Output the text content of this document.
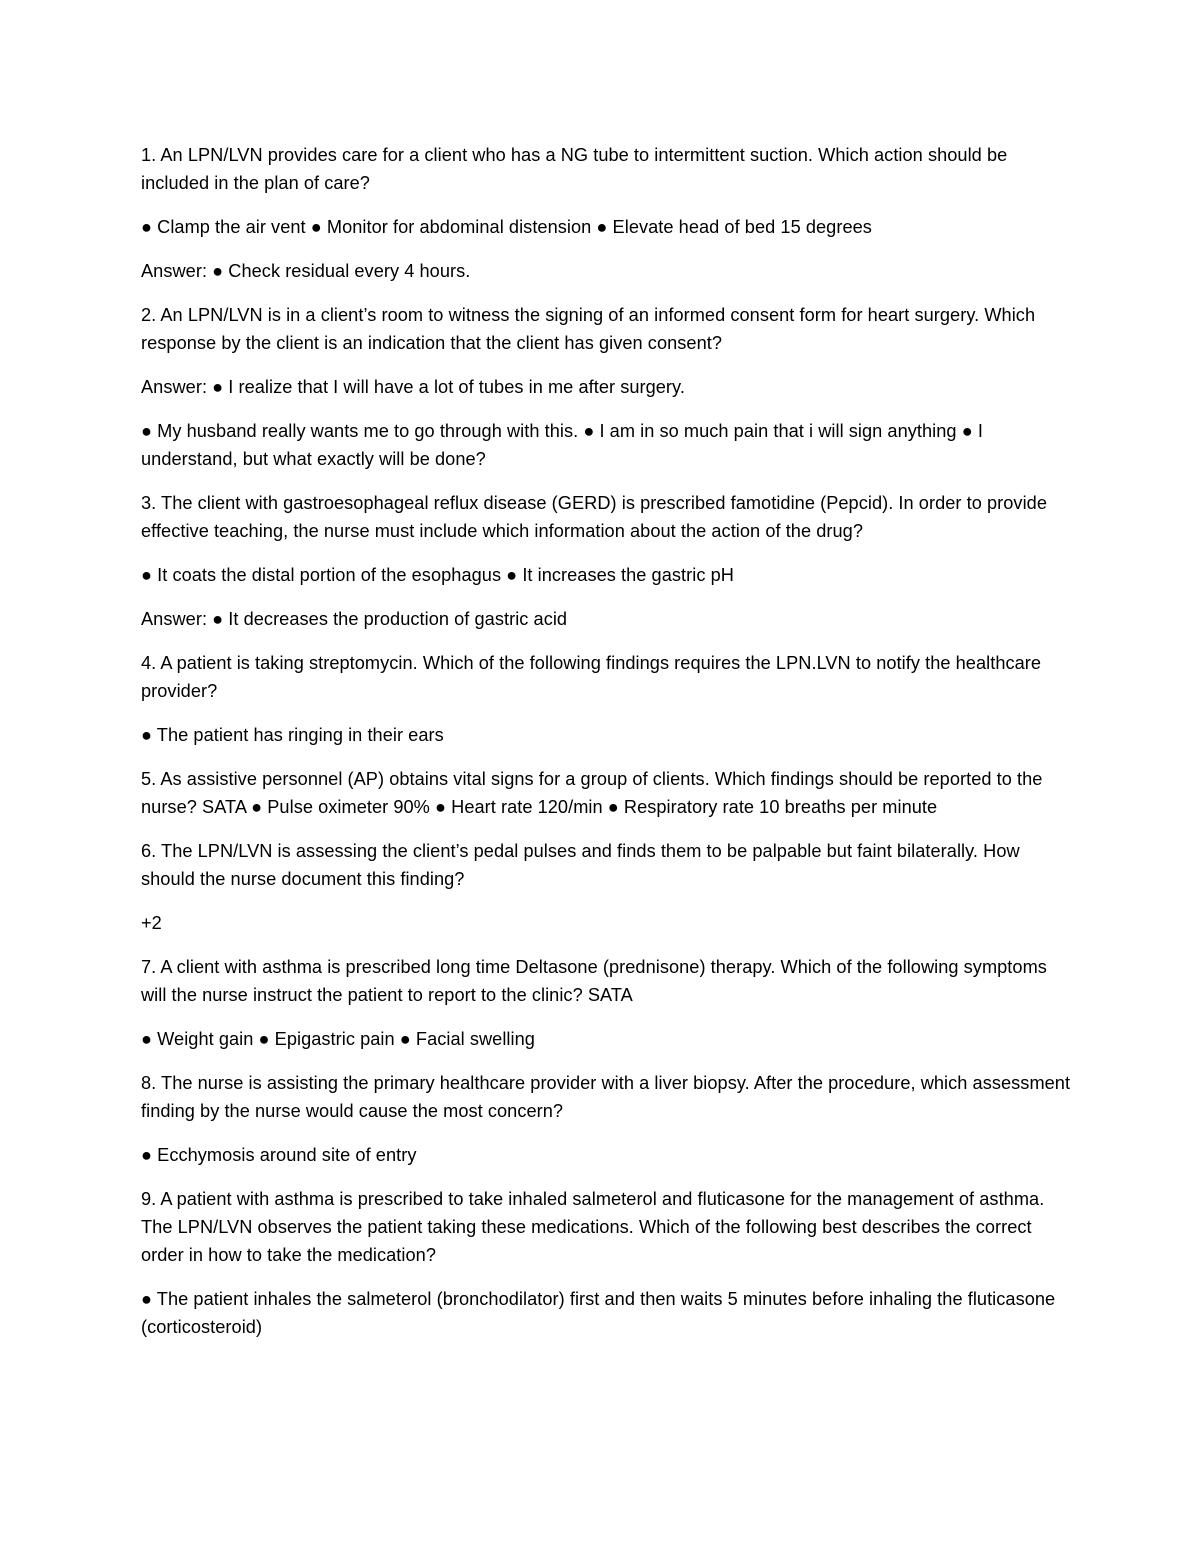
1. An LPN/LVN provides care for a client who has a NG tube to intermittent suction. Which action should be included in the plan of care?

● Clamp the air vent ● Monitor for abdominal distension ● Elevate head of bed 15 degrees

Answer: ● Check residual every 4 hours.

2. An LPN/LVN is in a client’s room to witness the signing of an informed consent form for heart surgery. Which response by the client is an indication that the client has given consent?

Answer: ● I realize that I will have a lot of tubes in me after surgery.

● My husband really wants me to go through with this. ● I am in so much pain that i will sign anything ● I understand, but what exactly will be done?

3. The client with gastroesophageal reflux disease (GERD) is prescribed famotidine (Pepcid). In order to provide effective teaching, the nurse must include which information about the action of the drug?

● It coats the distal portion of the esophagus ● It increases the gastric pH

Answer: ● It decreases the production of gastric acid

4. A patient is taking streptomycin. Which of the following findings requires the LPN.LVN to notify the healthcare provider?

● The patient has ringing in their ears

5. As assistive personnel (AP) obtains vital signs for a group of clients. Which findings should be reported to the nurse? SATA ● Pulse oximeter 90% ● Heart rate 120/min ● Respiratory rate 10 breaths per minute

6. The LPN/LVN is assessing the client’s pedal pulses and finds them to be palpable but faint bilaterally. How should the nurse document this finding?

+2

7. A client with asthma is prescribed long time Deltasone (prednisone) therapy. Which of the following symptoms will the nurse instruct the patient to report to the clinic? SATA

● Weight gain ● Epigastric pain ● Facial swelling

8. The nurse is assisting the primary healthcare provider with a liver biopsy. After the procedure, which assessment finding by the nurse would cause the most concern?

● Ecchymosis around site of entry

9. A patient with asthma is prescribed to take inhaled salmeterol and fluticasone for the management of asthma. The LPN/LVN observes the patient taking these medications. Which of the following best describes the correct order in how to take the medication?

● The patient inhales the salmeterol (bronchodilator) first and then waits 5 minutes before inhaling the fluticasone (corticosteroid)
